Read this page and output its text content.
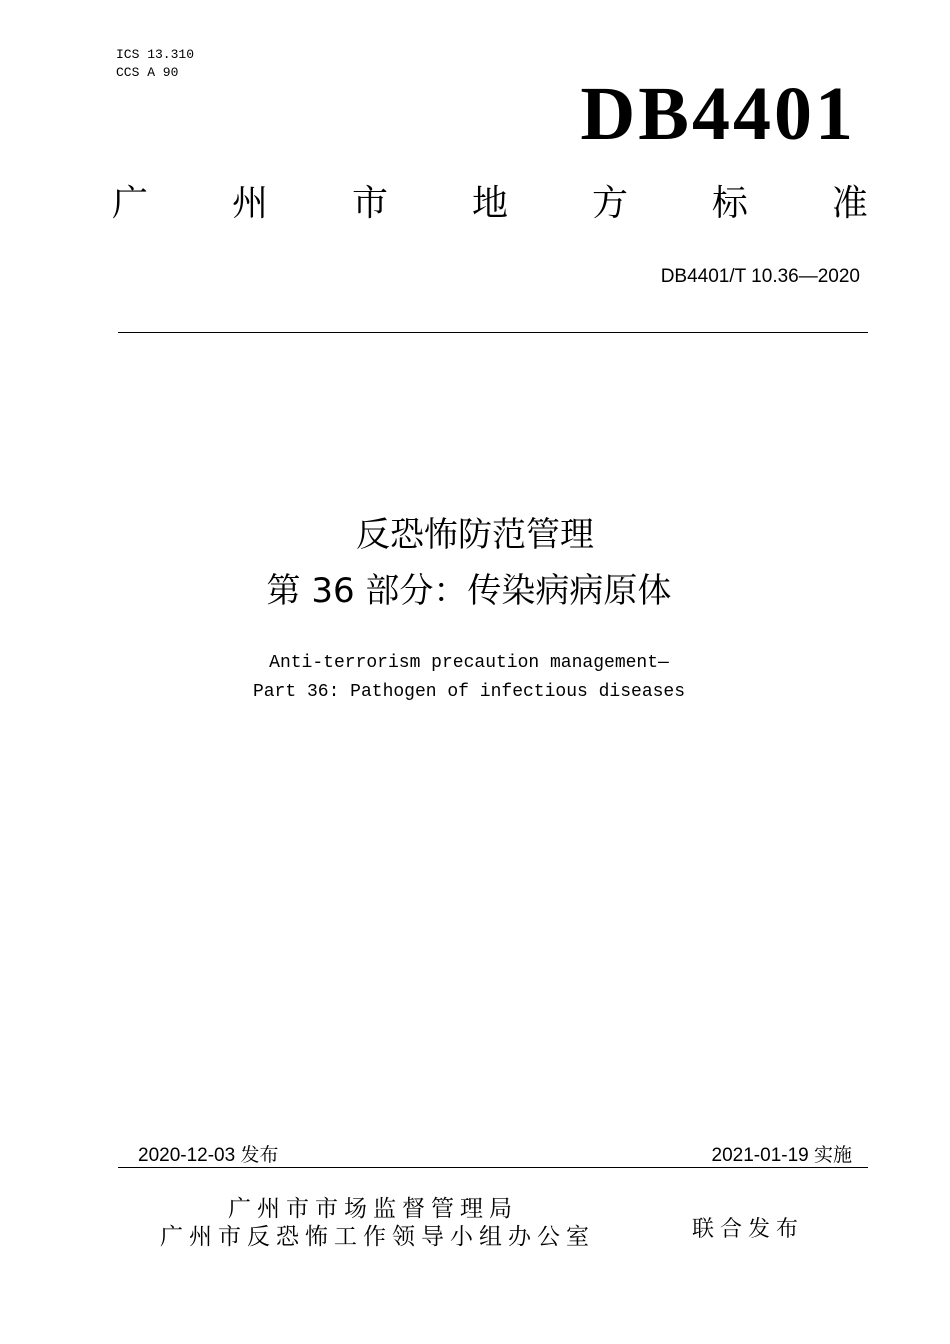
ICS 13.310
CCS A 90	DB4401
广 州 市 地 方 标 准
DB4401/T 10.36—2020
反恐怖防范管理
第 36 部分：传染病病原体
Anti-terrorism precaution management—
Part 36: Pathogen of infectious diseases
2020-12-03 发布	2021-01-19 实施
广州市市场监督管理局
广州市反恐怖工作领导小组办公室	联合发布
